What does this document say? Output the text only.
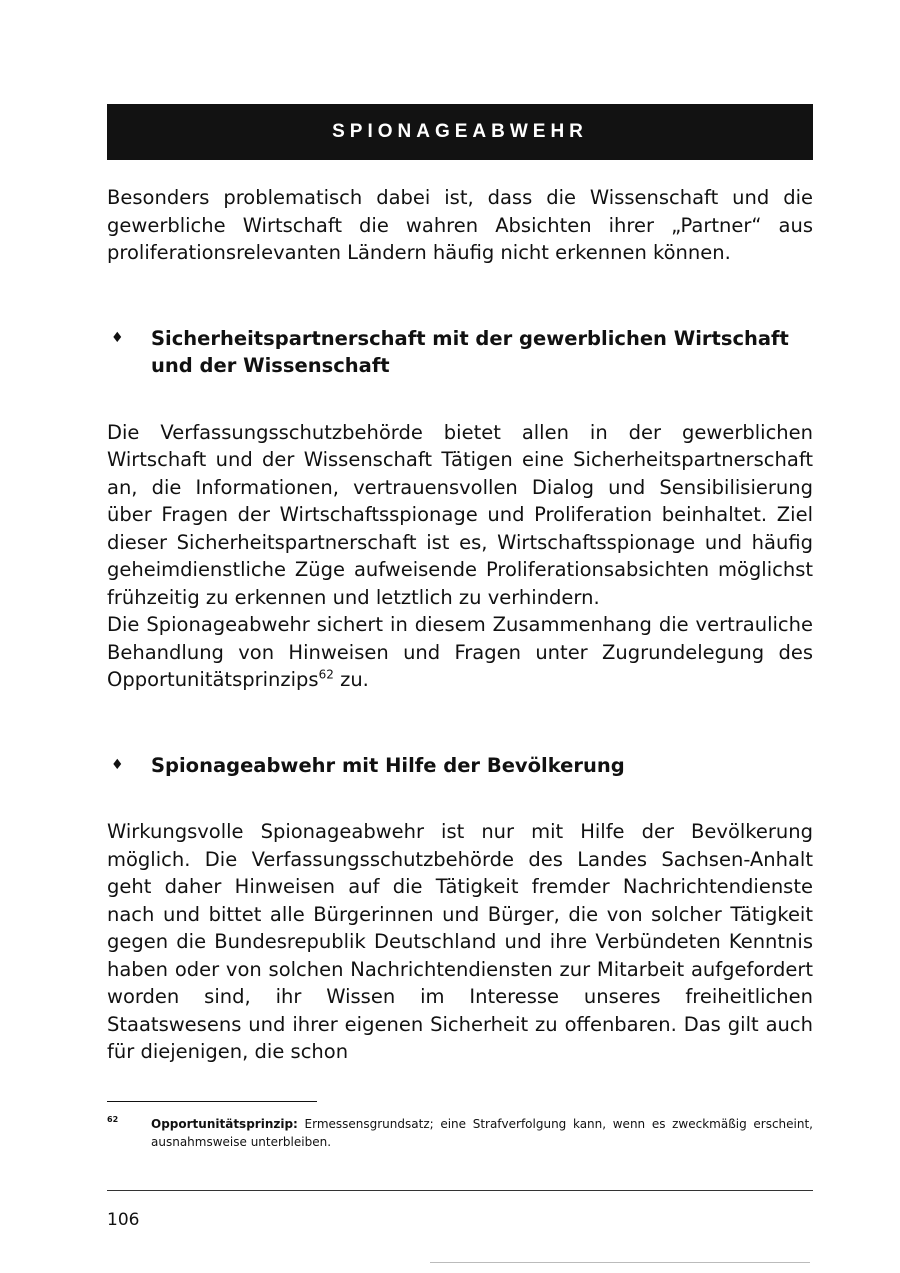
SPIONAGEABWEHR

Besonders problematisch dabei ist, dass die Wissenschaft und die gewerbliche Wirtschaft die wahren Absichten ihrer „Partner“ aus proliferationsrelevanten Ländern häufig nicht erkennen können.

♦	Sicherheitspartnerschaft mit der gewerblichen Wirtschaft und der Wissenschaft

Die Verfassungsschutzbehörde bietet allen in der gewerblichen Wirtschaft und der Wissenschaft Tätigen eine Sicherheitspartnerschaft an, die Informationen, vertrauensvollen Dialog und Sensibilisierung über Fragen der Wirtschaftsspionage und Proliferation beinhaltet. Ziel dieser Sicherheitspartnerschaft ist es, Wirtschaftsspionage und häufig geheimdienstliche Züge aufweisende Proliferationsabsichten möglichst frühzeitig zu erkennen und letztlich zu verhindern.

Die Spionageabwehr sichert in diesem Zusammenhang die vertrauliche Behandlung von Hinweisen und Fragen unter Zugrundelegung des Opportunitätsprinzips$^{62}$ zu.

♦	Spionageabwehr mit Hilfe der Bevölkerung

Wirkungsvolle Spionageabwehr ist nur mit Hilfe der Bevölkerung möglich. Die Verfassungsschutzbehörde des Landes Sachsen-Anhalt geht daher Hinweisen auf die Tätigkeit fremder Nachrichtendienste nach und bittet alle Bürgerinnen und Bürger, die von solcher Tätigkeit gegen die Bundesrepublik Deutschland und ihre Verbündeten Kenntnis haben oder von solchen Nachrichtendiensten zur Mitarbeit aufgefordert worden sind, ihr Wissen im Interesse unseres freiheitlichen Staatswesens und ihrer eigenen Sicherheit zu offenbaren. Das gilt auch für diejenigen, die schon

62	Opportunitätsprinzip: Ermessensgrundsatz; eine Strafverfolgung kann, wenn es zweckmäßig erscheint, ausnahmsweise unterbleiben.
106
